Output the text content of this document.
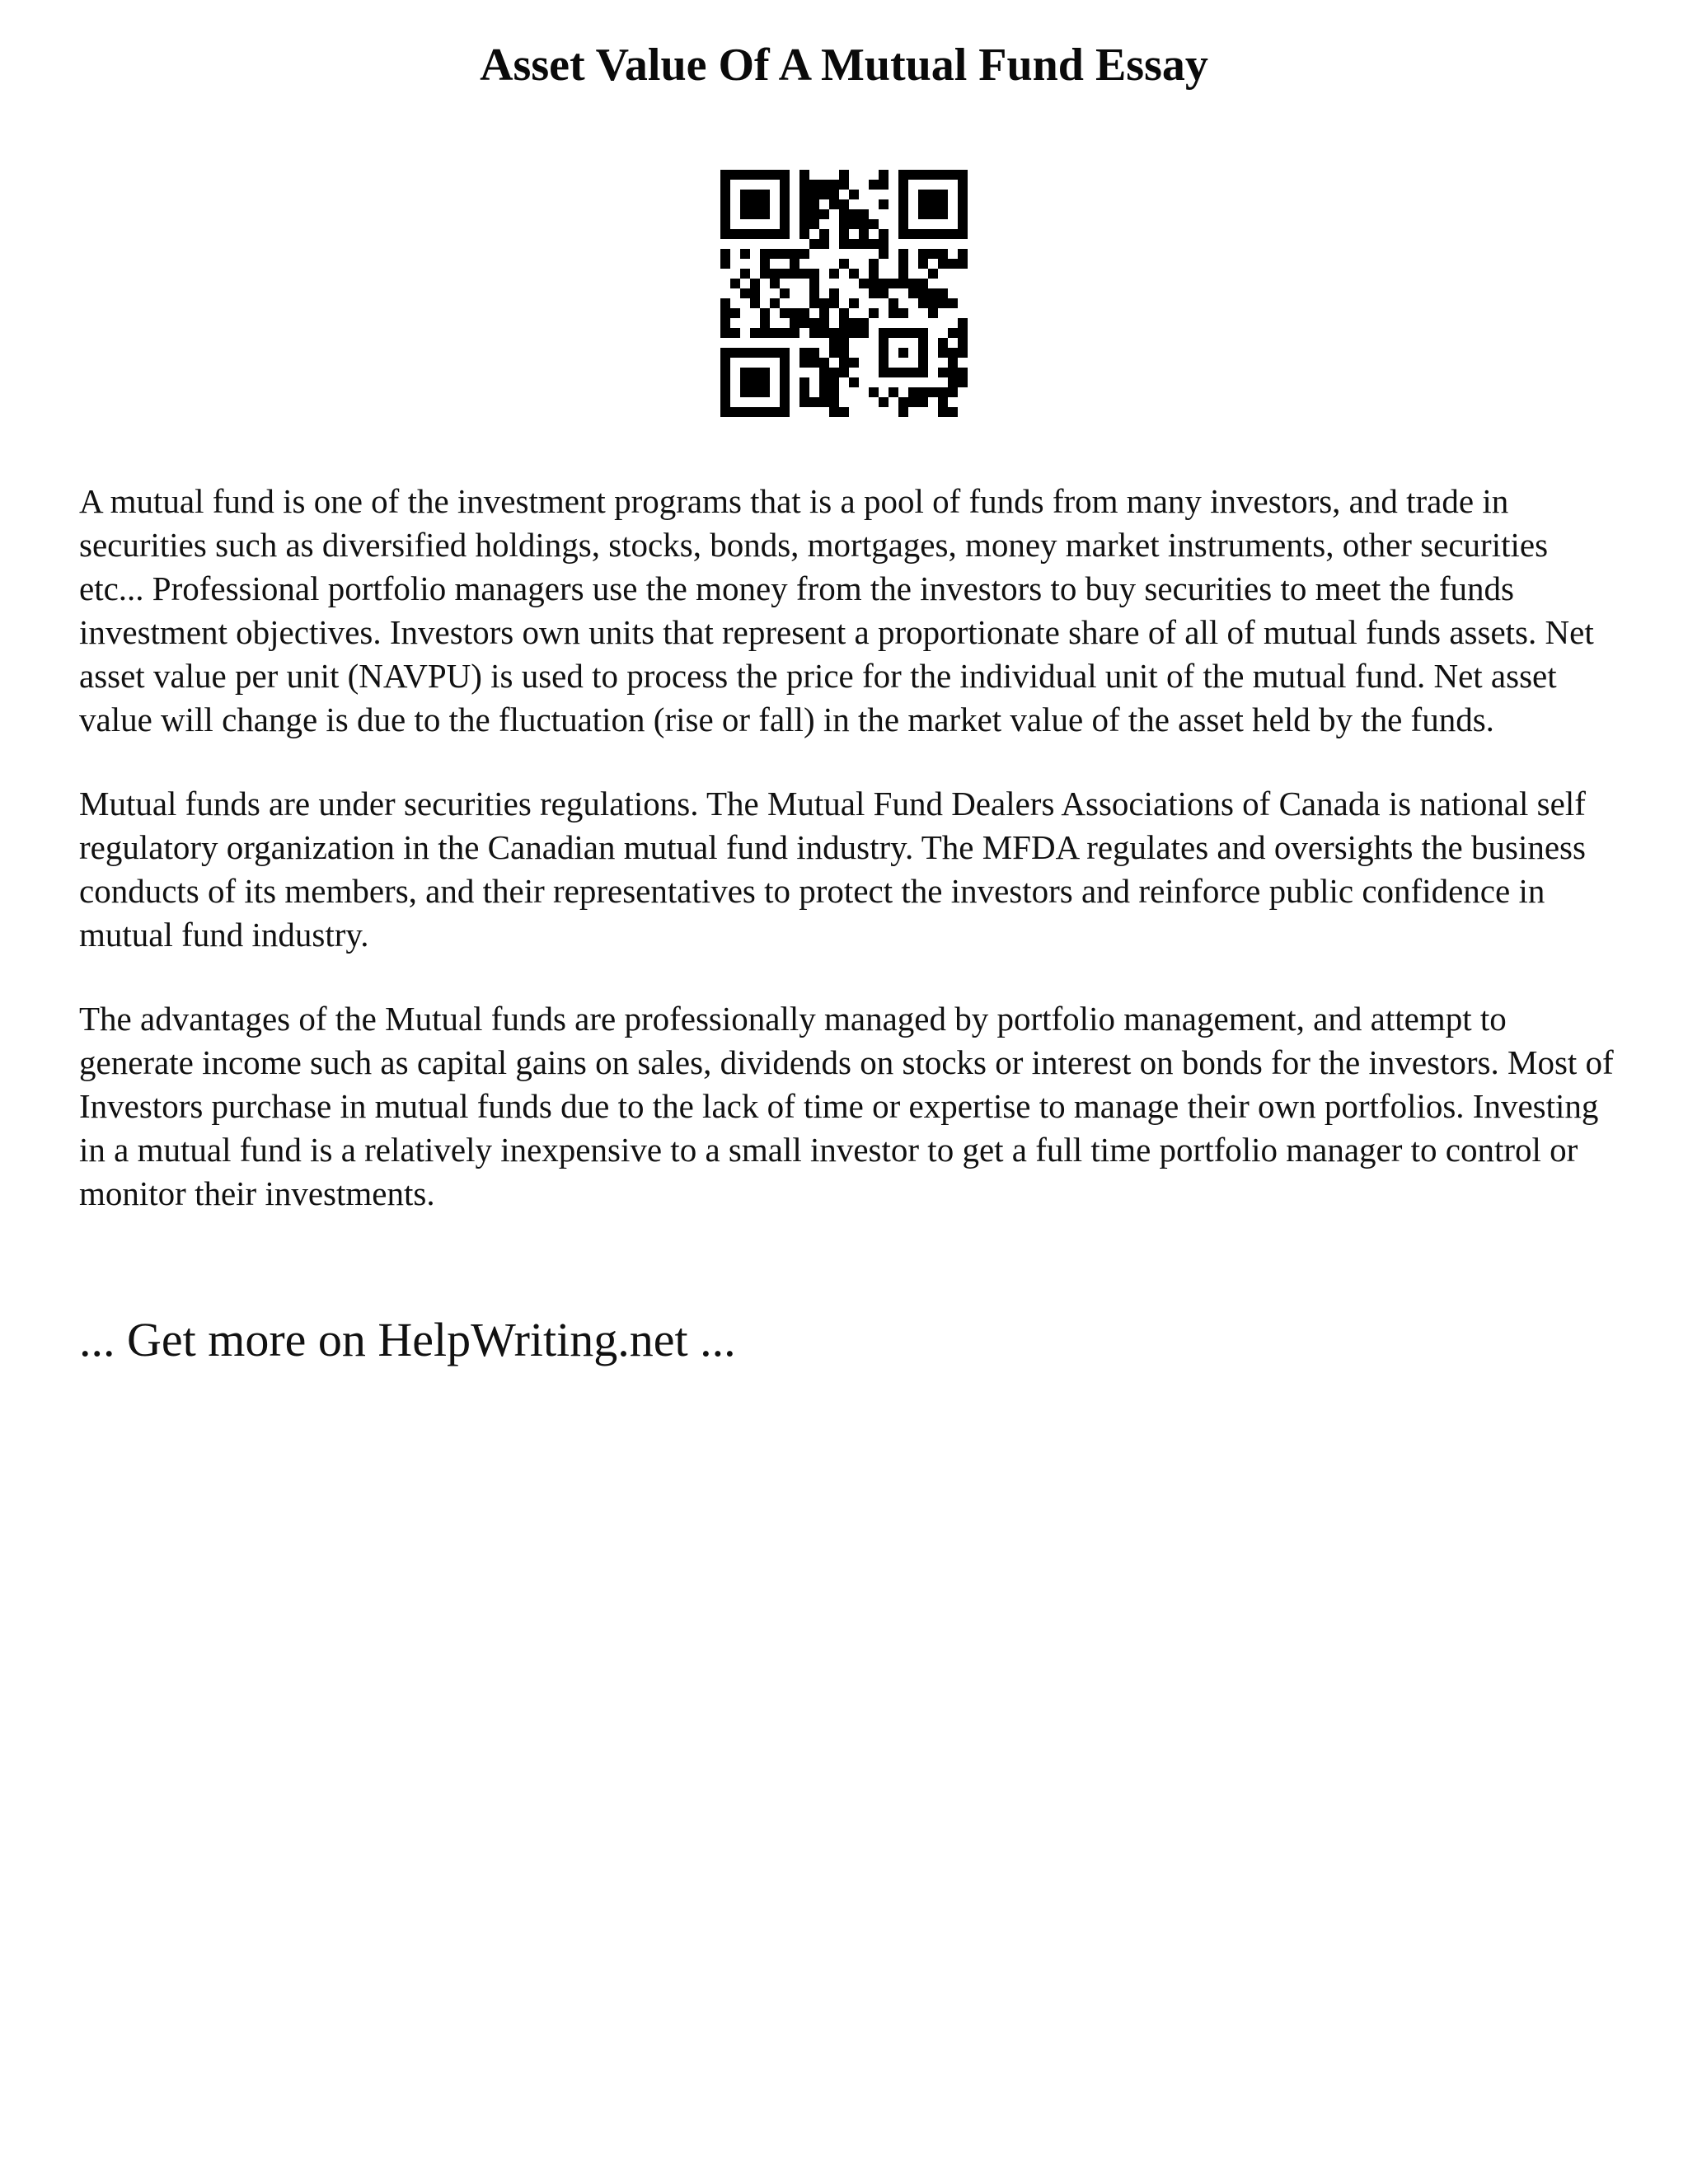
Asset Value Of A Mutual Fund Essay

A mutual fund is one of the investment programs that is a pool of funds from many investors, and trade in securities such as diversified holdings, stocks, bonds, mortgages, money market instruments, other securities etc... Professional portfolio managers use the money from the investors to buy securities to meet the funds investment objectives. Investors own units that represent a proportionate share of all of mutual funds assets. Net asset value per unit (NAVPU) is used to process the price for the individual unit of the mutual fund. Net asset value will change is due to the fluctuation (rise or fall) in the market value of the asset held by the funds.

Mutual funds are under securities regulations. The Mutual Fund Dealers Associations of Canada is national self regulatory organization in the Canadian mutual fund industry. The MFDA regulates and oversights the business conducts of its members, and their representatives to protect the investors and reinforce public confidence in mutual fund industry.

The advantages of the Mutual funds are professionally managed by portfolio management, and attempt to generate income such as capital gains on sales, dividends on stocks or interest on bonds for the investors. Most of Investors purchase in mutual funds due to the lack of time or expertise to manage their own portfolios. Investing in a mutual fund is a relatively inexpensive to a small investor to get a full time portfolio manager to control or monitor their investments.

... Get more on HelpWriting.net ...
